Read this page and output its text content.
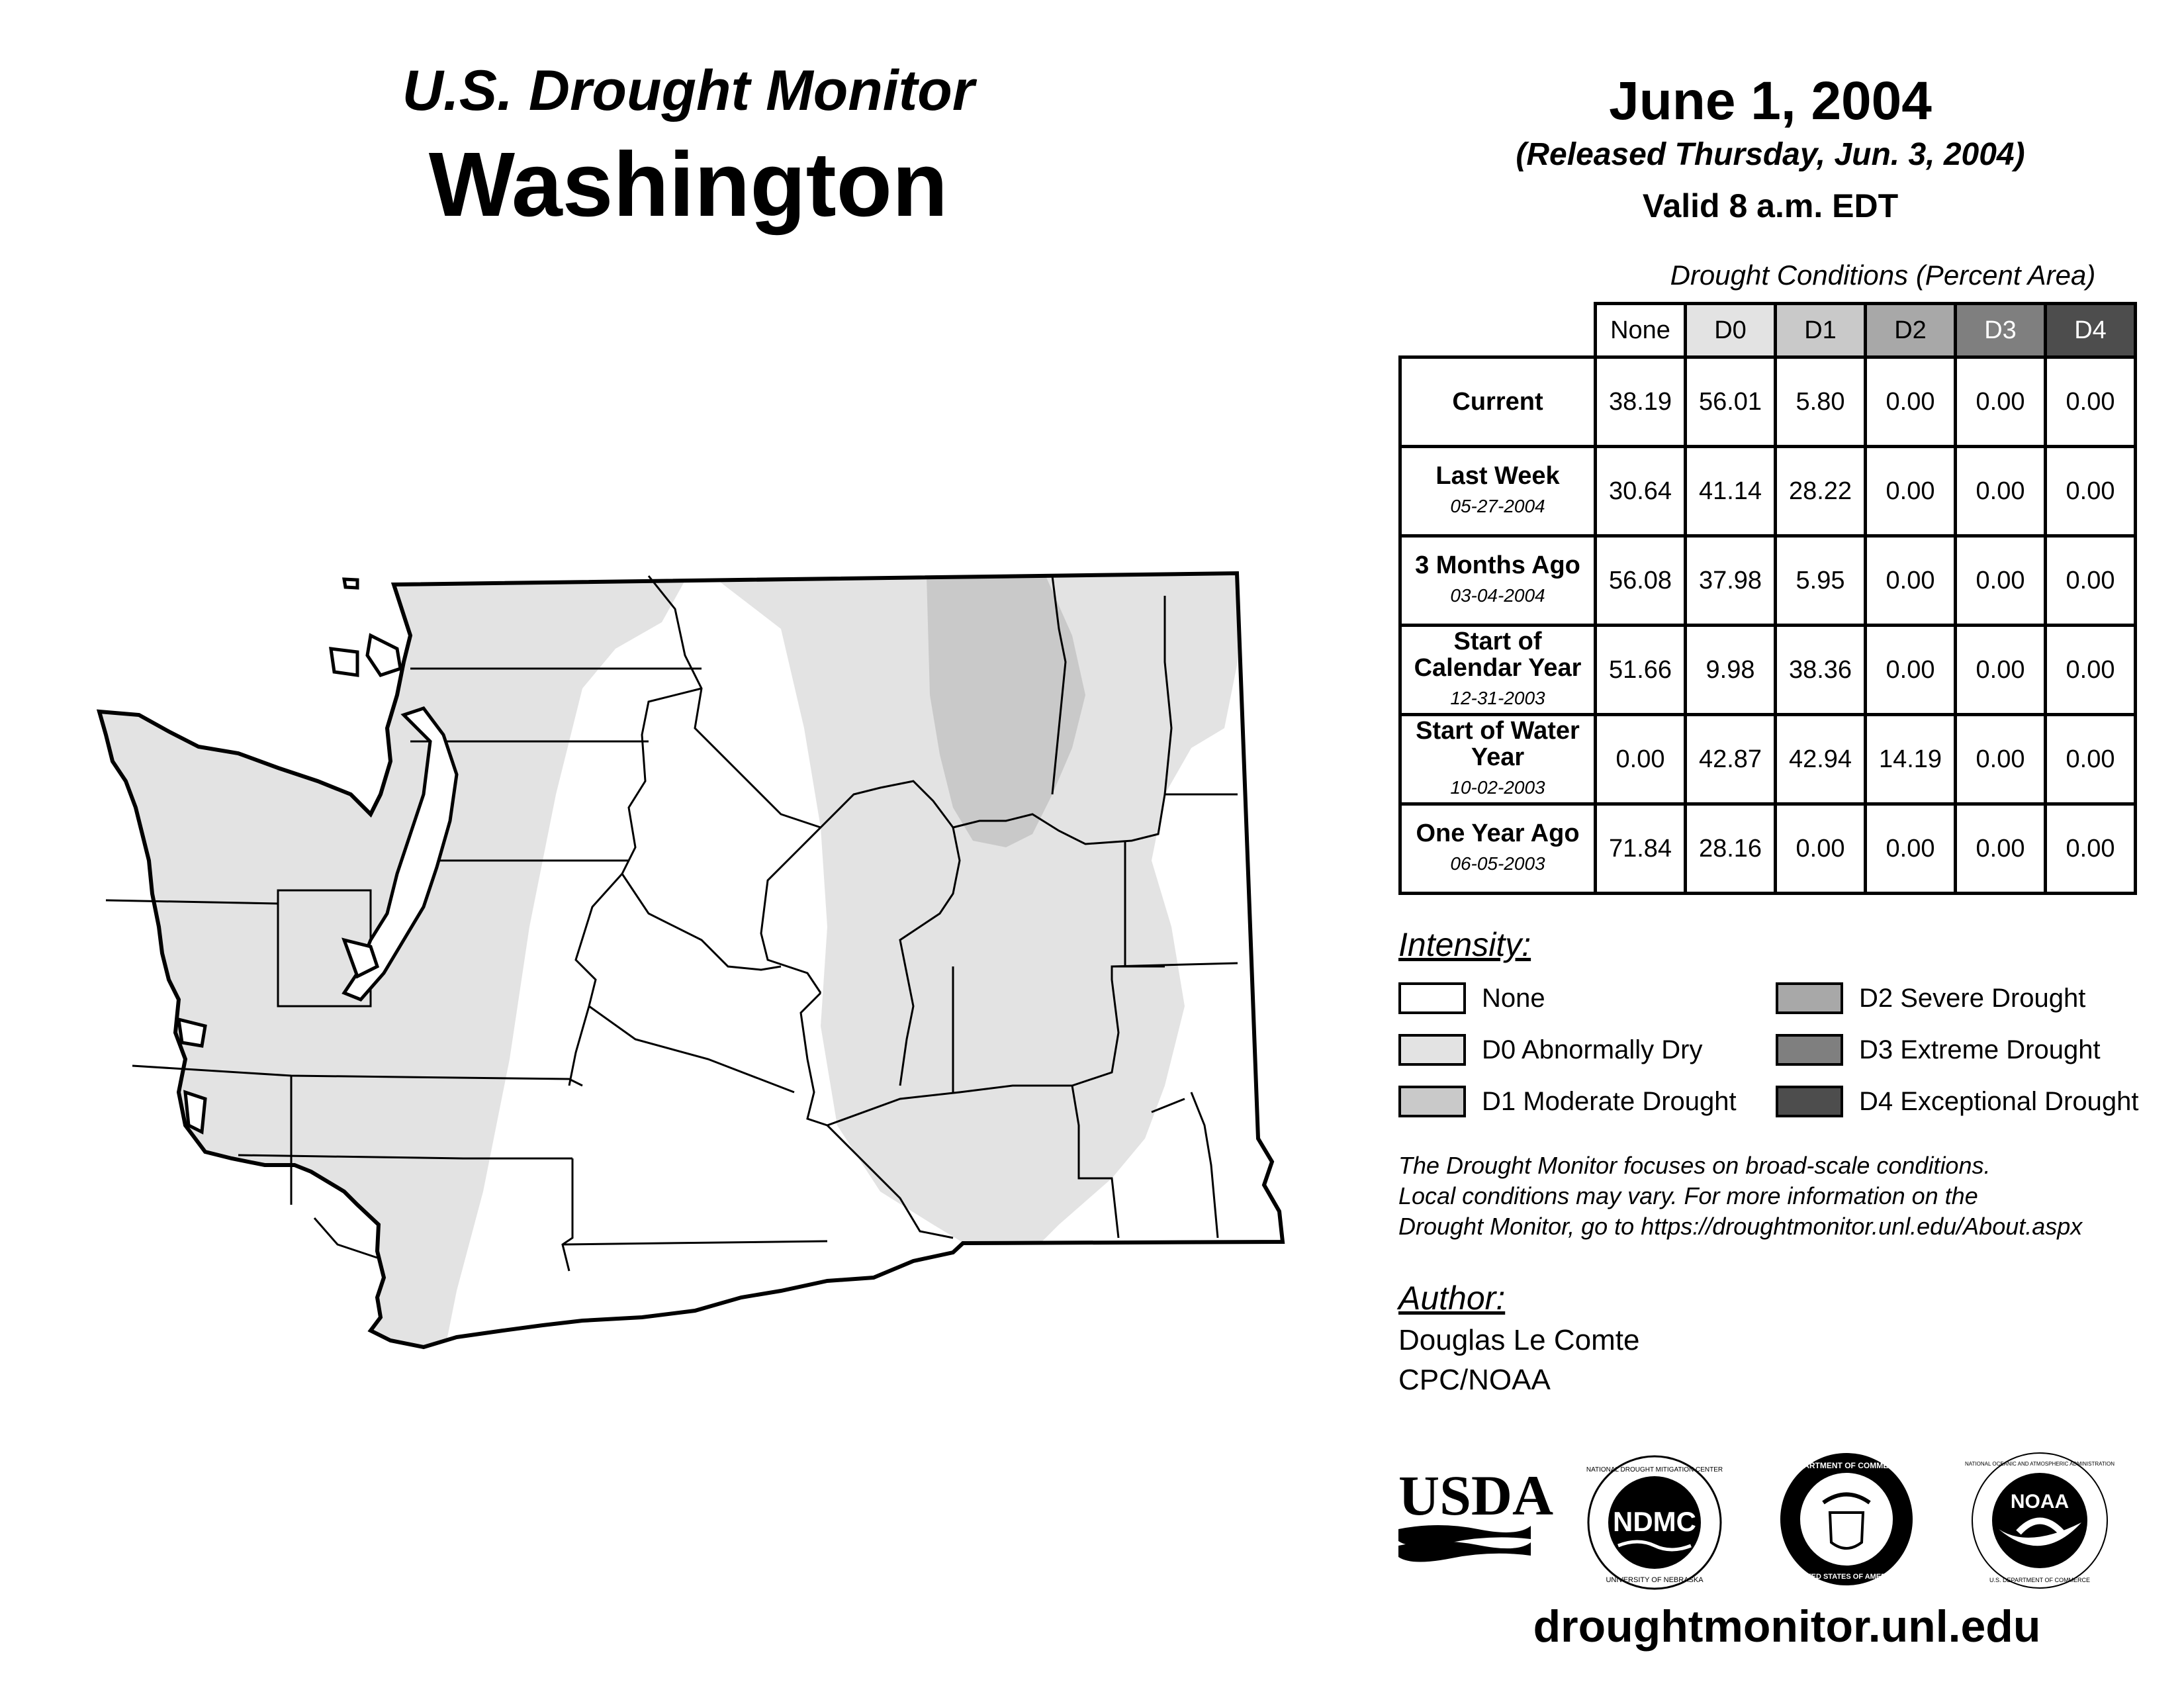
U.S. Drought Monitor
Washington
June 1, 2004
(Released Thursday, Jun. 3, 2004)
Valid 8 a.m. EDT
Drought Conditions (Percent Area)
	None	D0	D1	D2	D3	D4
Current	38.19	56.01	5.80	0.00	0.00	0.00
Last Week
05-27-2004	30.64	41.14	28.22	0.00	0.00	0.00
3 Months Ago
03-04-2004	56.08	37.98	5.95	0.00	0.00	0.00
Start of Calendar Year
12-31-2003	51.66	9.98	38.36	0.00	0.00	0.00
Start of Water Year
10-02-2003	0.00	42.87	42.94	14.19	0.00	0.00
One Year Ago
06-05-2003	71.84	28.16	0.00	0.00	0.00	0.00
Intensity:
None
D0 Abnormally Dry
D1 Moderate Drought
D2 Severe Drought
D3 Extreme Drought
D4 Exceptional Drought
The Drought Monitor focuses on broad-scale conditions.
Local conditions may vary. For more information on the
Drought Monitor, go to https://droughtmonitor.unl.edu/About.aspx
Author:
Douglas Le Comte
CPC/NOAA
USDA NDMC
NATIONAL DROUGHT MITIGATION CENTER
UNIVERSITY OF NEBRASKA
DEPARTMENT OF COMMERCE
UNITED STATES OF AMERICA
NOAA
NATIONAL OCEANIC AND ATMOSPHERIC ADMINISTRATION
U.S. DEPARTMENT OF COMMERCE
droughtmonitor.unl.edu
